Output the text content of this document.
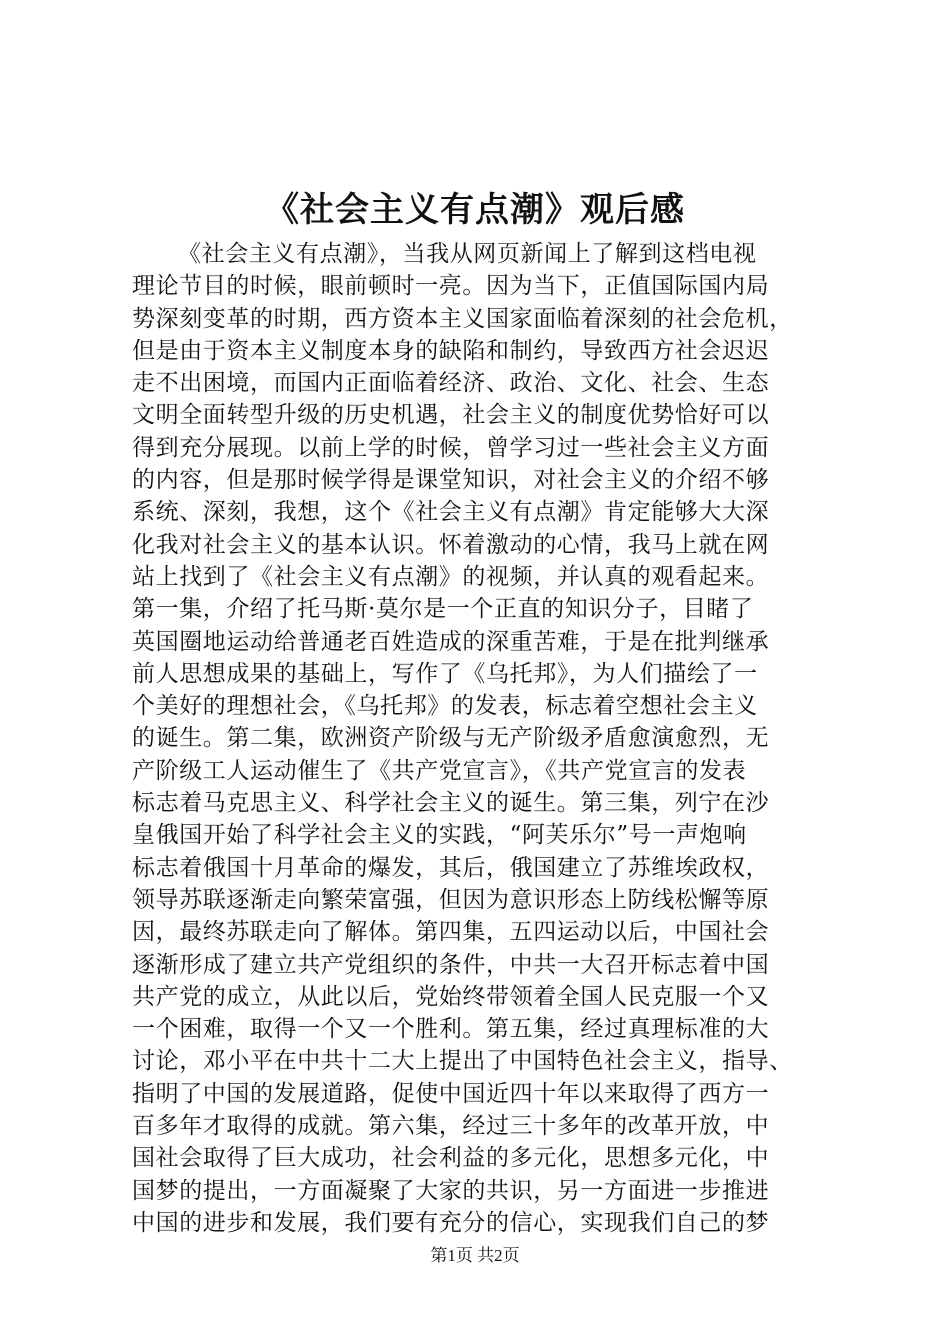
《社会主义有点潮》观后感
《社会主义有点潮》，当我从网页新闻上了解到这档电视
理论节目的时候，眼前顿时一亮。因为当下，正值国际国内局
势深刻变革的时期，西方资本主义国家面临着深刻的社会危机，
但是由于资本主义制度本身的缺陷和制约，导致西方社会迟迟
走不出困境，而国内正面临着经济、政治、文化、社会、生态
文明全面转型升级的历史机遇，社会主义的制度优势恰好可以
得到充分展现。以前上学的时候，曾学习过一些社会主义方面
的内容，但是那时候学得是课堂知识，对社会主义的介绍不够
系统、深刻，我想，这个《社会主义有点潮》肯定能够大大深
化我对社会主义的基本认识。怀着激动的心情，我马上就在网
站上找到了《社会主义有点潮》的视频，并认真的观看起来。
第一集，介绍了托马斯·莫尔是一个正直的知识分子，目睹了
英国圈地运动给普通老百姓造成的深重苦难，于是在批判继承
前人思想成果的基础上，写作了《乌托邦》，为人们描绘了一
个美好的理想社会，《乌托邦》的发表，标志着空想社会主义
的诞生。第二集，欧洲资产阶级与无产阶级矛盾愈演愈烈，无
产阶级工人运动催生了《共产党宣言》，《共产党宣言的发表
标志着马克思主义、科学社会主义的诞生。第三集，列宁在沙
皇俄国开始了科学社会主义的实践，“阿芙乐尔”号一声炮响
标志着俄国十月革命的爆发，其后，俄国建立了苏维埃政权，
领导苏联逐渐走向繁荣富强，但因为意识形态上防线松懈等原
因，最终苏联走向了解体。第四集，五四运动以后，中国社会
逐渐形成了建立共产党组织的条件，中共一大召开标志着中国
共产党的成立，从此以后，党始终带领着全国人民克服一个又
一个困难，取得一个又一个胜利。第五集，经过真理标准的大
讨论，邓小平在中共十二大上提出了中国特色社会主义，指导、
指明了中国的发展道路，促使中国近四十年以来取得了西方一
百多年才取得的成就。第六集，经过三十多年的改革开放，中
国社会取得了巨大成功，社会利益的多元化，思想多元化，中
国梦的提出，一方面凝聚了大家的共识，另一方面进一步推进
中国的进步和发展，我们要有充分的信心，实现我们自己的梦
第1页 共2页
